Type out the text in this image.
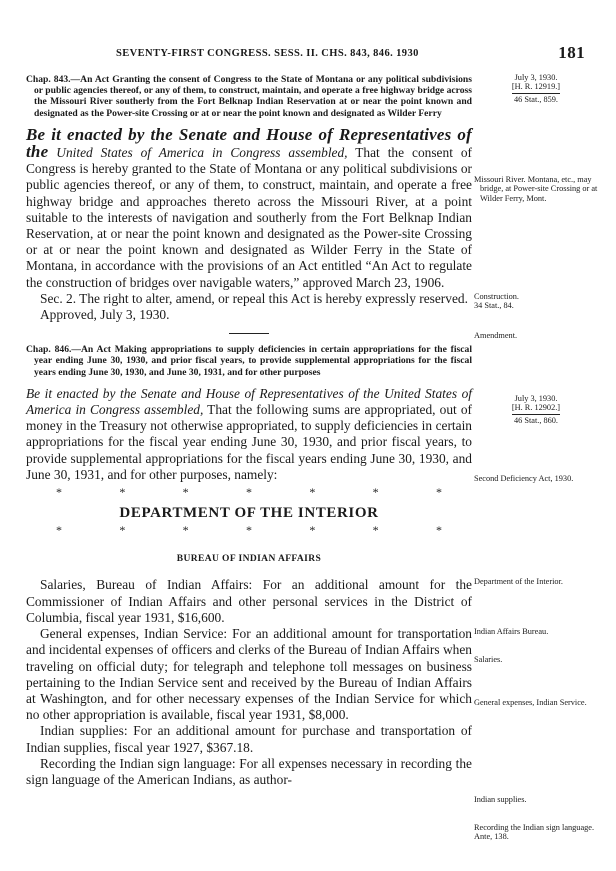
SEVENTY-FIRST CONGRESS. SESS. II. CHS. 843, 846. 1930	181

Chap. 843.—An Act Granting the consent of Congress to the State of Montana or any political subdivisions or public agencies thereof, or any of them, to construct, maintain, and operate a free highway bridge across the Missouri River southerly from the Fort Belknap Indian Reservation at or near the point known and designated as the Power-site Crossing or at or near the point known and designated as Wilder Ferry

Be it enacted by the Senate and House of Representatives of the United States of America in Congress assembled, That the consent of Congress is hereby granted to the State of Montana or any political subdivisions or public agencies thereof, or any of them, to construct, maintain, and operate a free highway bridge and approaches thereto across the Missouri River, at a point suitable to the interests of navigation and southerly from the Fort Belknap Indian Reservation, at or near the point known and designated as the Power-site Crossing or at or near the point known and designated as Wilder Ferry in the State of Montana, in accordance with the provisions of an Act entitled “An Act to regulate the construction of bridges over navigable waters,” approved March 23, 1906.

Sec. 2. The right to alter, amend, or repeal this Act is hereby expressly reserved.

Approved, July 3, 1930.

Chap. 846.—An Act Making appropriations to supply deficiencies in certain appropriations for the fiscal year ending June 30, 1930, and prior fiscal years, to provide supplemental appropriations for the fiscal years ending June 30, 1930, and June 30, 1931, and for other purposes

Be it enacted by the Senate and House of Representatives of the United States of America in Congress assembled, That the following sums are appropriated, out of money in the Treasury not otherwise appropriated, to supply deficiencies in certain appropriations for the fiscal year ending June 30, 1930, and prior fiscal years, to provide supplemental appropriations for the fiscal years ending June 30, 1930, and June 30, 1931, and for other purposes, namely:

*	*	*	*	*	*	*
DEPARTMENT OF THE INTERIOR
*	*	*	*	*	*	*
BUREAU OF INDIAN AFFAIRS

Salaries, Bureau of Indian Affairs: For an additional amount for the Commissioner of Indian Affairs and other personal services in the District of Columbia, fiscal year 1931, $16,600.

General expenses, Indian Service: For an additional amount for transportation and incidental expenses of officers and clerks of the Bureau of Indian Affairs when traveling on official duty; for telegraph and telephone toll messages on business pertaining to the Indian Service sent and received by the Bureau of Indian Affairs at Washington, and for other necessary expenses of the Indian Service for which no other appropriation is available, fiscal year 1931, $8,000.

Indian supplies: For an additional amount for purchase and transportation of Indian supplies, fiscal year 1927, $367.18.

Recording the Indian sign language: For all expenses necessary in recording the sign language of the American Indians, as author-

July 3, 1930.
[H. R. 12919.]
46 Stat., 859.
Missouri River. Montana, etc., may bridge, at Power-site Crossing or at Wilder Ferry, Mont.
Construction.
34 Stat., 84.
Amendment.
July 3, 1930.
[H. R. 12902.]
46 Stat., 860.
Second Deficiency Act, 1930.
Department of the Interior.
Indian Affairs Bureau.
Salaries.
General expenses, Indian Service.
Indian supplies.
Recording the Indian sign language.
Ante, 138.
